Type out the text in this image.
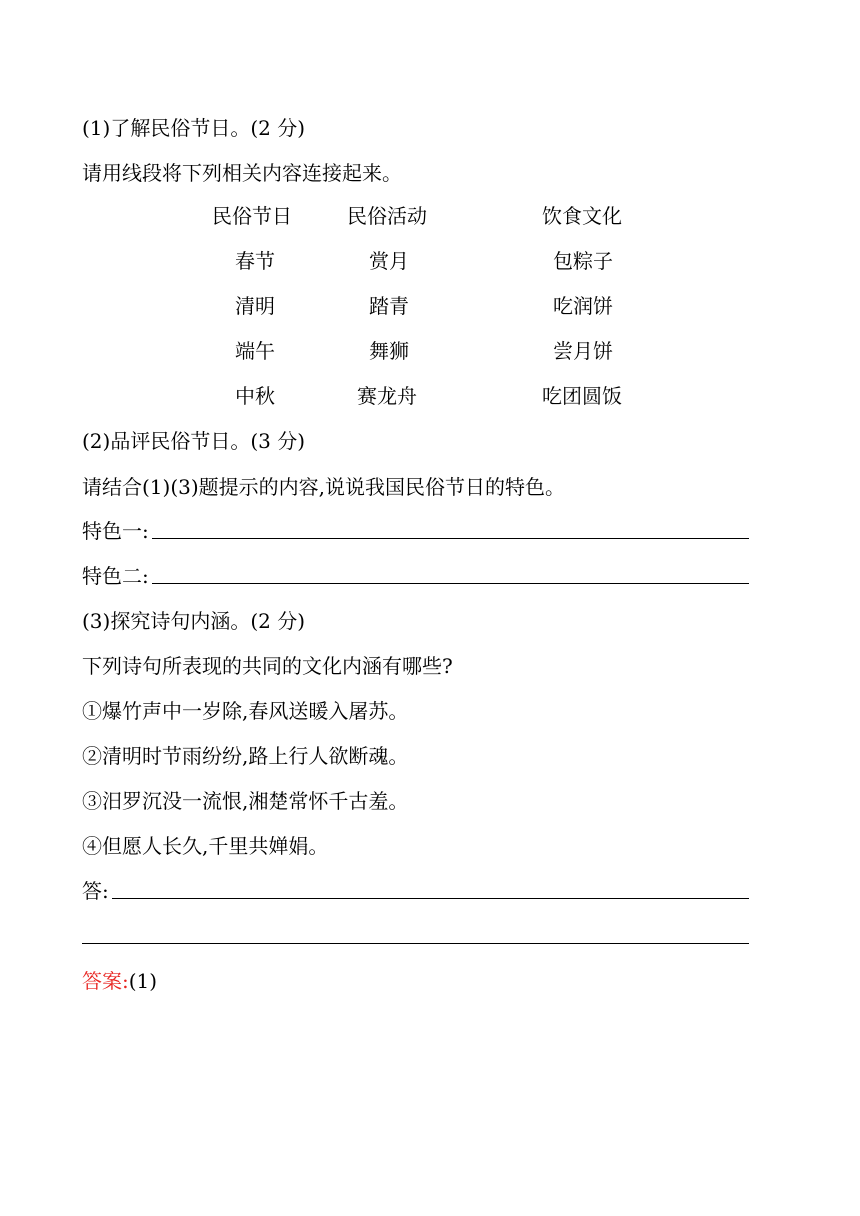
(1)了解民俗节日。(2 分)
请用线段将下列相关内容连接起来。
民俗节日	民俗活动	饮食文化
春节
清明
端午
中秋
赏月
踏青
舞狮
赛龙舟
包粽子
吃润饼
尝月饼
吃团圆饭
(2)品评民俗节日。(3 分)
请结合(1)(3)题提示的内容,说说我国民俗节日的特色。
特色一:
特色二:
(3)探究诗句内涵。(2 分)
下列诗句所表现的共同的文化内涵有哪些?
①爆竹声中一岁除,春风送暖入屠苏。
②清明时节雨纷纷,路上行人欲断魂。
③汨罗沉没一流恨,湘楚常怀千古羞。
④但愿人长久,千里共婵娟。
答:
答案:(1)
